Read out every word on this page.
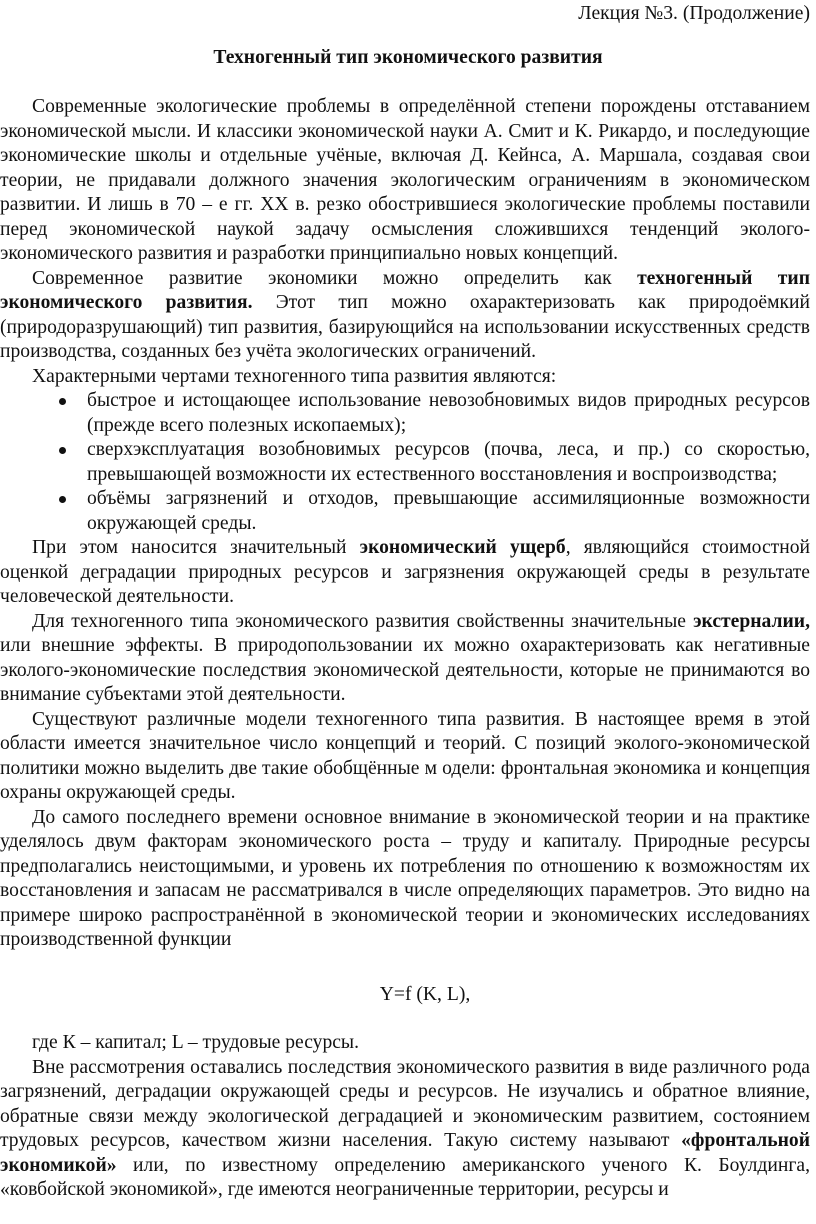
Лекция №3. (Продолжение)
Техногенный тип экономического развития

Современные экологические проблемы в определённой степени порождены отставанием экономической мысли. И классики экономической науки А. Смит и К. Рикардо, и последующие экономические школы и отдельные учёные, включая Д. Кейнса, А. Маршала, создавая свои теории, не придавали должного значения экологическим ограничениям в экономическом развитии. И лишь в 70 – е гг. XX в. резко обострившиеся экологические проблемы поставили перед экономической наукой задачу осмысления сложившихся тенденций эколого-экономического развития и разработки принципиально новых концепций.

Современное развитие экономики можно определить как техногенный тип экономического развития. Этот тип можно охарактеризовать как природоёмкий (природоразрушающий) тип развития, базирующийся на использовании искусственных средств производства, созданных без учёта экологических ограничений.

Характерными чертами техногенного типа развития являются:

быстрое и истощающее использование невозобновимых видов природных ресурсов (прежде всего полезных ископаемых);
сверхэксплуатация возобновимых ресурсов (почва, леса, и пр.) со скоростью, превышающей возможности их естественного восстановления и воспроизводства;
объёмы загрязнений и отходов, превышающие ассимиляционные возможности окружающей среды.

При этом наносится значительный экономический ущерб, являющийся стоимостной оценкой деградации природных ресурсов и загрязнения окружающей среды в результате человеческой деятельности.

Для техногенного типа экономического развития свойственны значительные экстерналии, или внешние эффекты. В природопользовании их можно охарактеризовать как негативные эколого-экономические последствия экономической деятельности, которые не принимаются во внимание субъектами этой деятельности.

Существуют различные модели техногенного типа развития. В настоящее время в этой области имеется значительное число концепций и теорий. С позиций эколого-экономической политики можно выделить две такие обобщённые м одели: фронтальная экономика и концепция охраны окружающей среды.

До самого последнего времени основное внимание в экономической теории и на практике уделялось двум факторам экономического роста – труду и капиталу. Природные ресурсы предполагались неистощимыми, и уровень их потребления по отношению к возможностям их восстановления и запасам не рассматривался в числе определяющих параметров. Это видно на примере широко распространённой в экономической теории и экономических исследованиях производственной функции

Y=f (K, L),

где К – капитал; L – трудовые ресурсы.

Вне рассмотрения оставались последствия экономического развития в виде различного рода загрязнений, деградации окружающей среды и ресурсов. Не изучались и обратное влияние, обратные связи между экологической деградацией и экономическим развитием, состоянием трудовых ресурсов, качеством жизни населения. Такую систему называют «фронтальной экономикой» или, по известному определению американского ученого К. Боулдинга, «ковбойской экономикой», где имеются неограниченные территории, ресурсы и
